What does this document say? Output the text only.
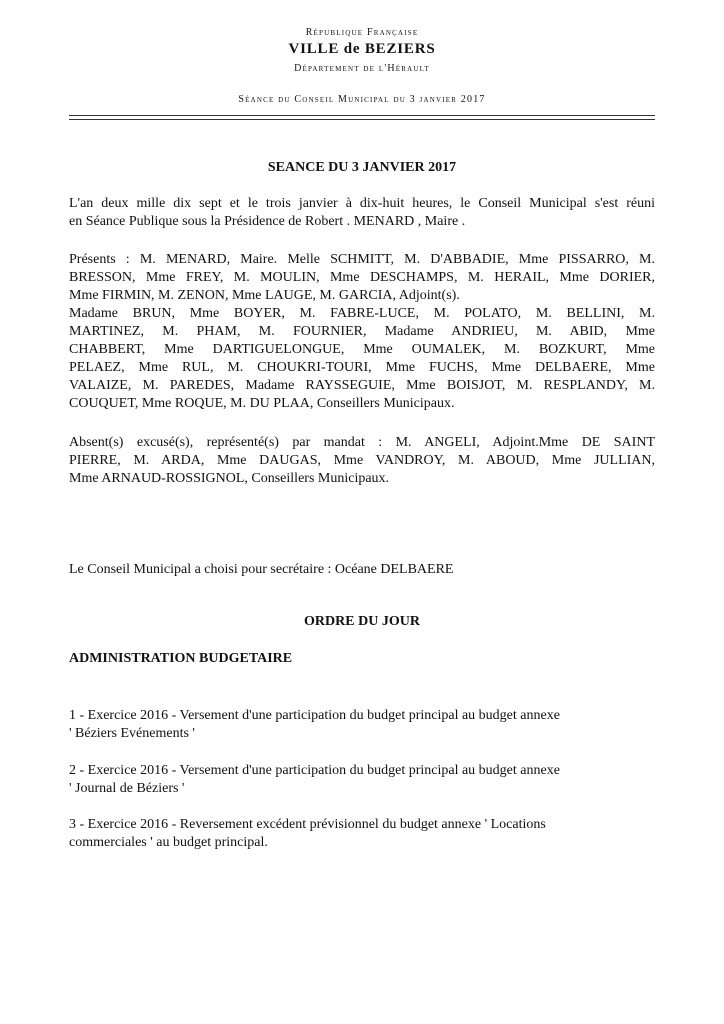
République Française
VILLE de BEZIERS
Département de l'Hérault
Séance du Conseil Municipal du 3 janvier 2017
SEANCE DU 3 JANVIER 2017
L'an deux mille dix sept et le trois janvier à dix-huit heures, le Conseil Municipal s'est réuni
en Séance Publique sous la Présidence de Robert . MENARD , Maire .
Présents : M. MENARD, Maire. Melle SCHMITT, M. D'ABBADIE, Mme PISSARRO, M.
BRESSON, Mme FREY, M. MOULIN, Mme DESCHAMPS, M. HERAIL, Mme DORIER,
Mme FIRMIN, M. ZENON, Mme LAUGE, M. GARCIA, Adjoint(s).
Madame BRUN, Mme BOYER, M. FABRE-LUCE, M. POLATO, M. BELLINI, M.
MARTINEZ, M. PHAM, M. FOURNIER, Madame ANDRIEU, M. ABID, Mme
CHABBERT, Mme DARTIGUELONGUE, Mme OUMALEK, M. BOZKURT, Mme
PELAEZ, Mme RUL, M. CHOUKRI-TOURI, Mme FUCHS, Mme DELBAERE, Mme
VALAIZE, M. PAREDES, Madame RAYSSEGUIE, Mme BOISJOT, M. RESPLANDY, M.
COUQUET, Mme ROQUE, M. DU PLAA, Conseillers Municipaux.
Absent(s) excusé(s), représenté(s) par mandat : M. ANGELI, Adjoint.Mme DE SAINT
PIERRE, M. ARDA, Mme DAUGAS, Mme VANDROY, M. ABOUD, Mme JULLIAN,
Mme ARNAUD-ROSSIGNOL, Conseillers Municipaux.
Le Conseil Municipal a choisi pour secrétaire : Océane DELBAERE
ORDRE DU JOUR
ADMINISTRATION BUDGETAIRE
1 - Exercice 2016 - Versement d'une participation du budget principal au budget annexe
' Béziers Evénements '
2 - Exercice 2016 - Versement d'une participation du budget principal au budget annexe
' Journal de Béziers '
3 - Exercice 2016 - Reversement excédent prévisionnel du budget annexe ' Locations
commerciales ' au budget principal.
